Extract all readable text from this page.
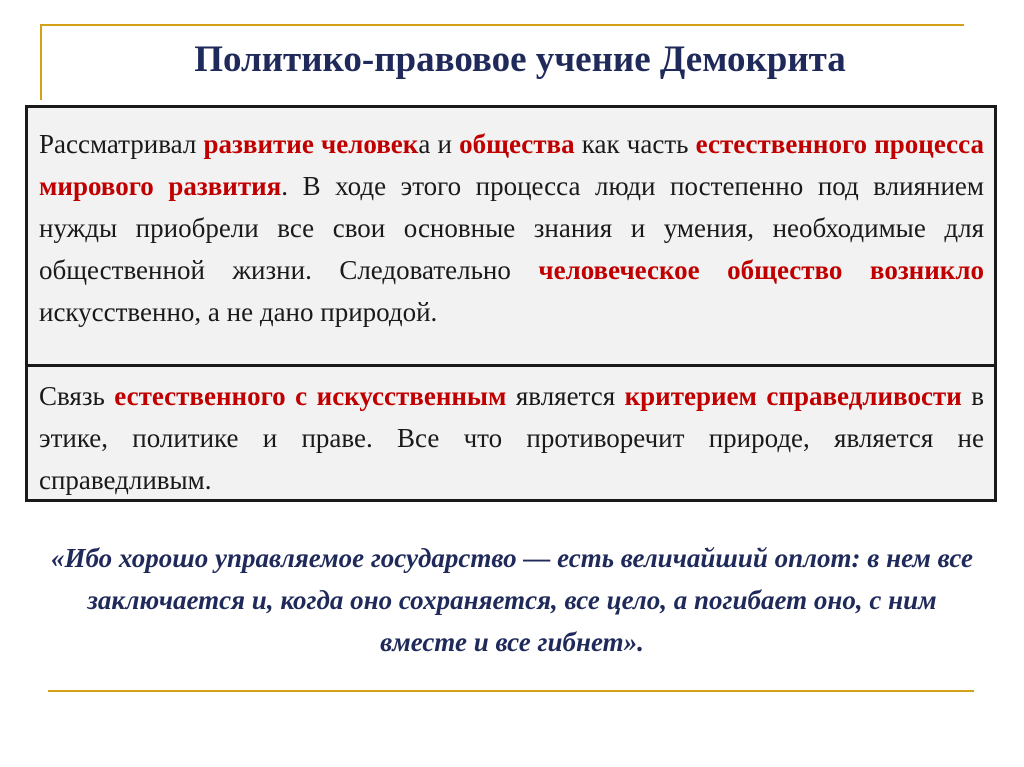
Политико-правовое учение Демокрита

Рассматривал развитие человека и общества как часть естественного процесса мирового развития. В ходе этого процесса люди постепенно под влиянием нужды приобрели все свои основные знания и умения, необходимые для общественной жизни. Следовательно человеческое общество возникло искусственно, а не дано природой.

Связь естественного с искусственным является критерием справедливости в этике, политике и праве. Все что противоречит природе, является не справедливым.

«Ибо хорошо управляемое государство — есть величайший оплот: в нем все заключается и, когда оно сохраняется, все цело, а погибает оно, с ним вместе и все гибнет».
